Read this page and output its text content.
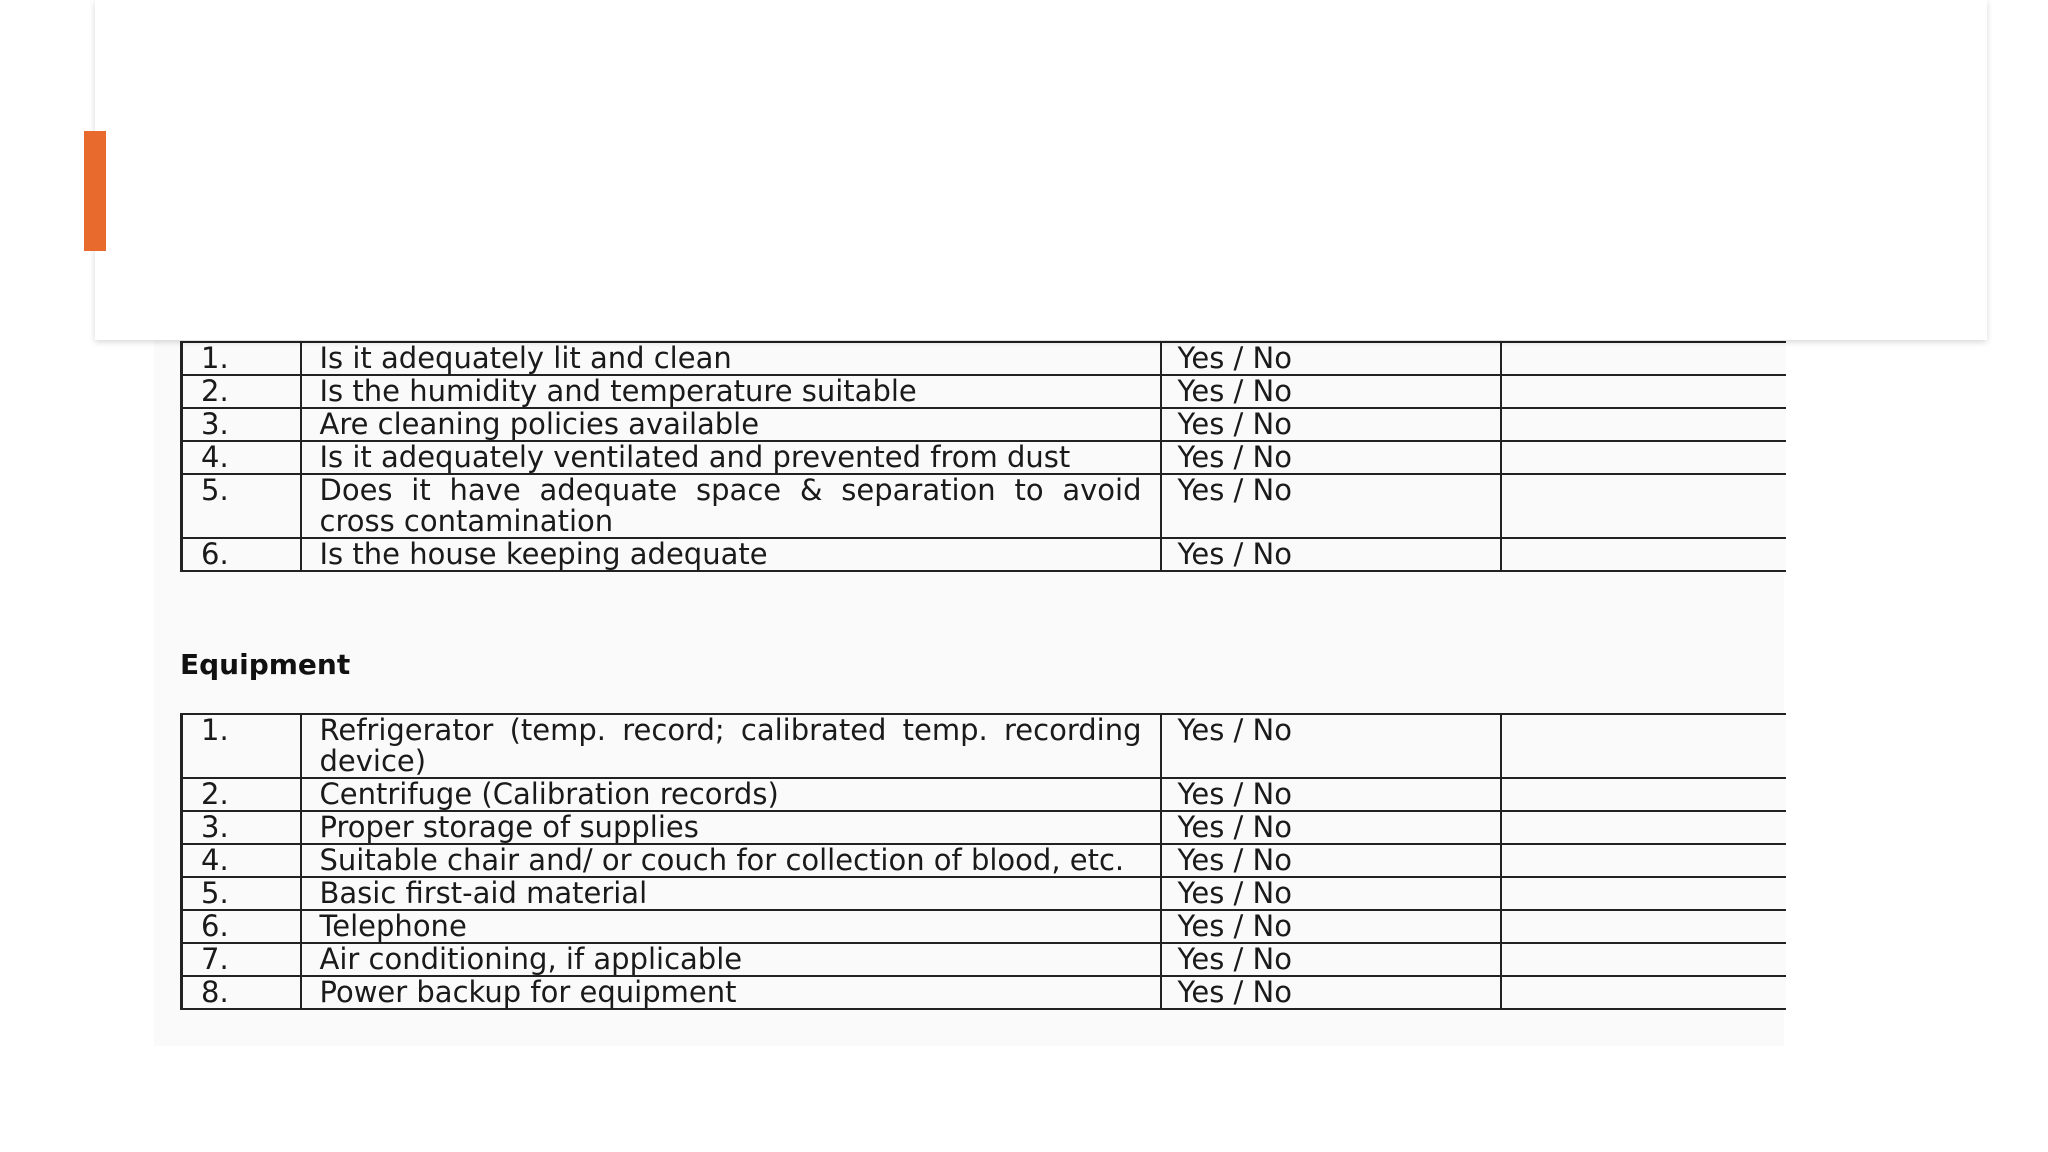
1.	Is it adequately lit and clean	Yes / No	
2.	Is the humidity and temperature suitable	Yes / No	
3.	Are cleaning policies available	Yes / No	
4.	Is it adequately ventilated and prevented from dust	Yes / No	
5.	Does it have adequate space & separation to avoid cross contamination	Yes / No	
6.	Is the house keeping adequate	Yes / No	
Equipment
1.	Refrigerator (temp. record; calibrated temp. recording device)	Yes / No	
2.	Centrifuge (Calibration records)	Yes / No	
3.	Proper storage of supplies	Yes / No	
4.	Suitable chair and/ or couch for collection of blood, etc.	Yes / No	
5.	Basic first-aid material	Yes / No	
6.	Telephone	Yes / No	
7.	Air conditioning, if applicable	Yes / No	
8.	Power backup for equipment	Yes / No	
